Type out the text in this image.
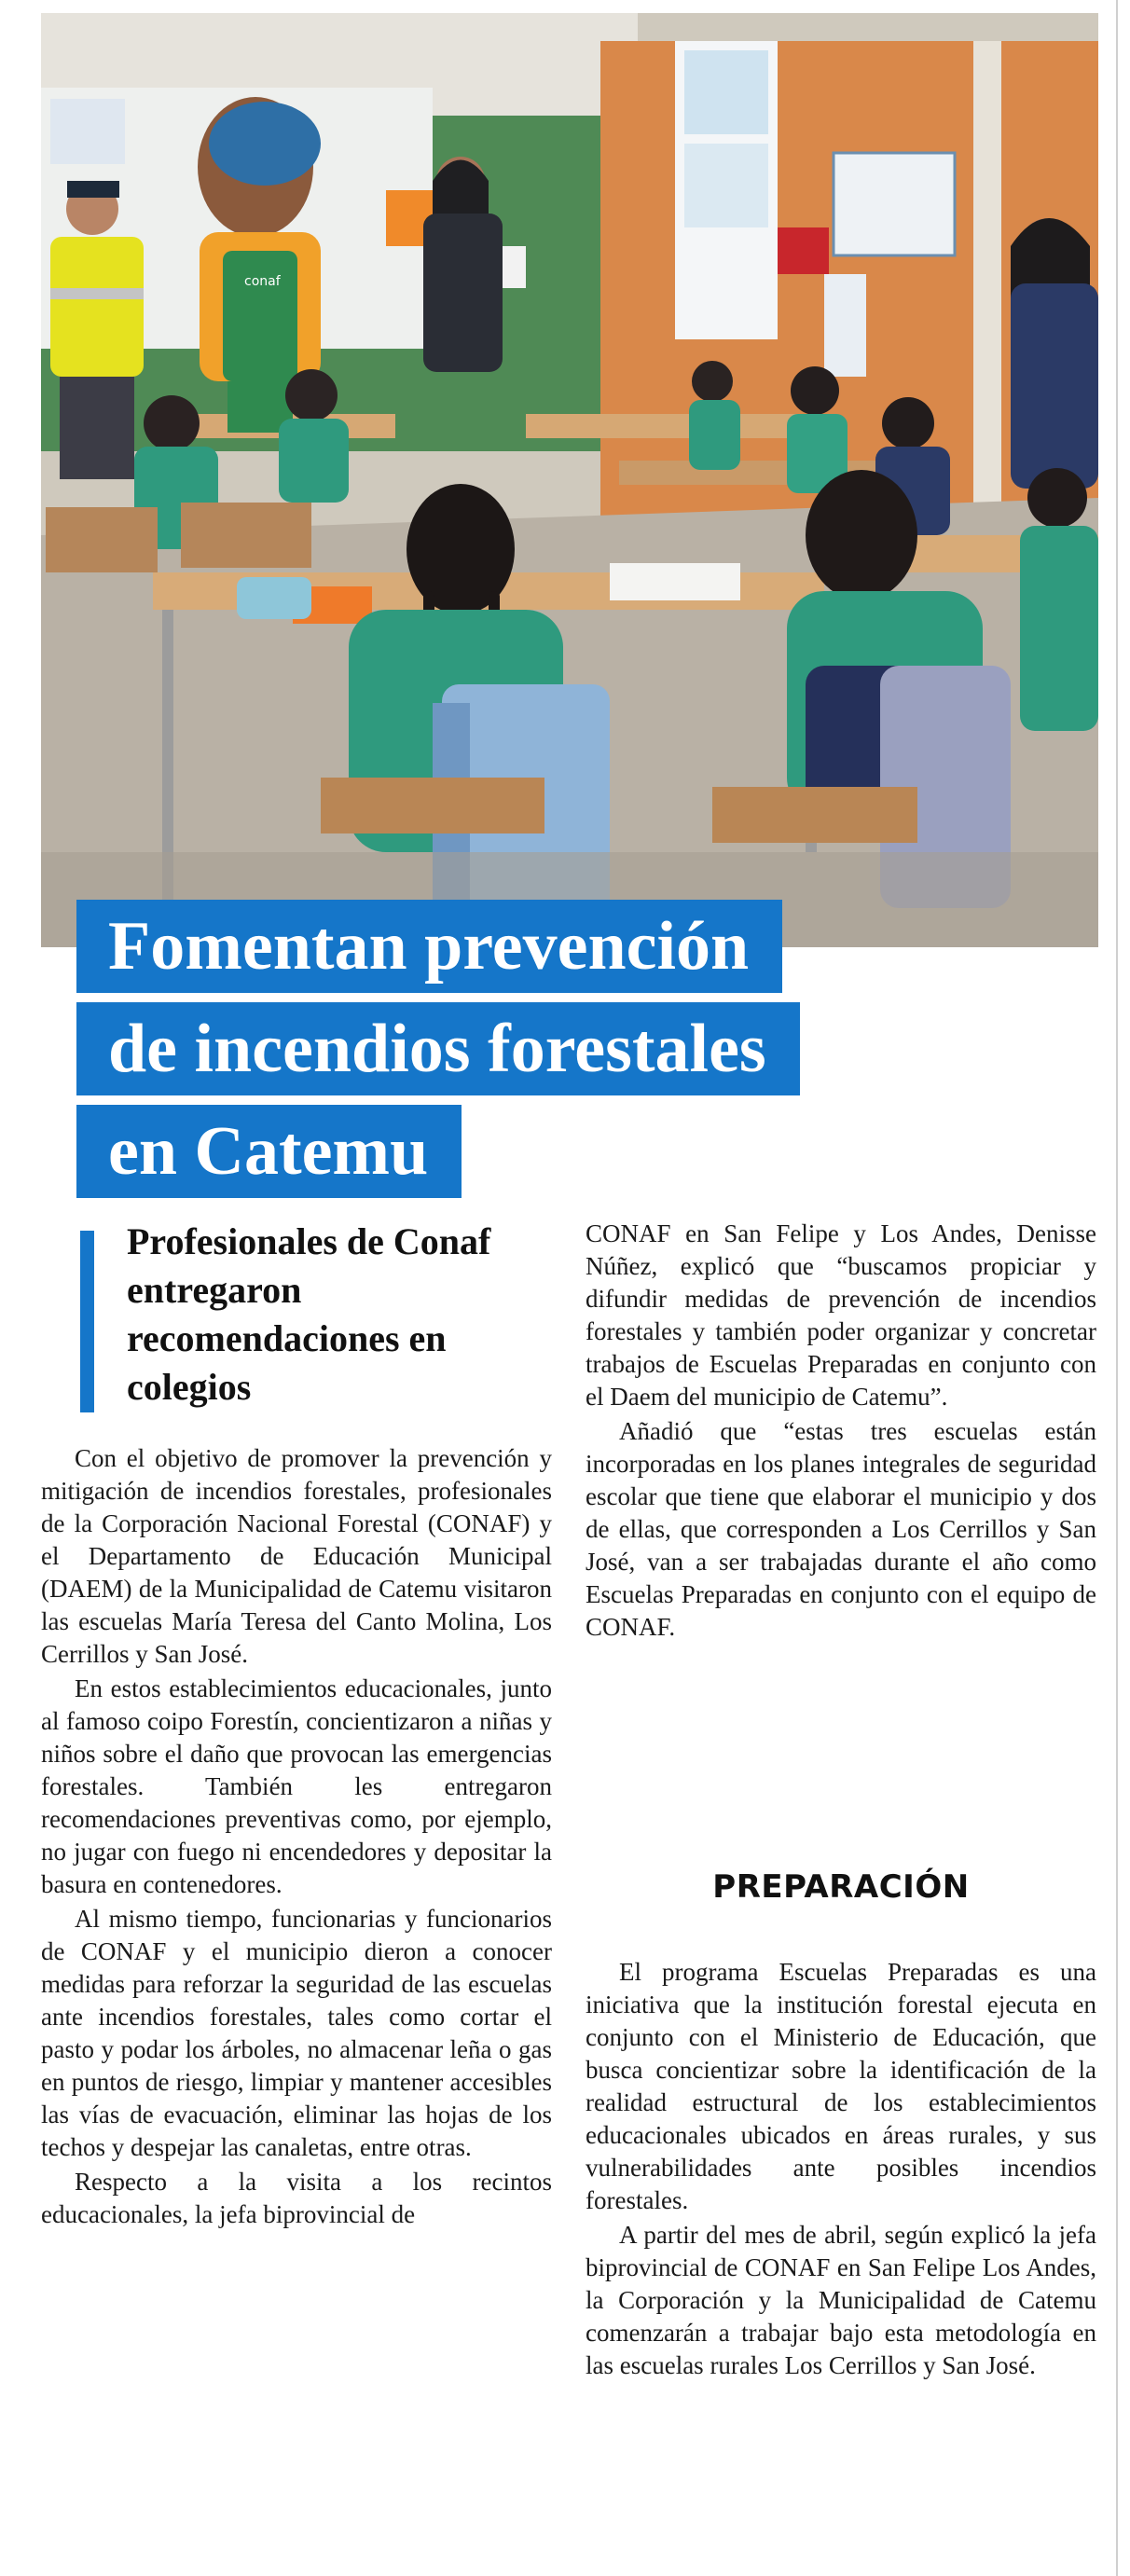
conaf
Fomentan prevención
de incendios forestales
en Catemu
Profesionales de Conaf entregaron recomendaciones en colegios

Con el objetivo de promover la prevención y mitigación de incendios forestales, profesionales de la Corporación Nacional Forestal (CONAF) y el Departamento de Educación Municipal (DAEM) de la Municipalidad de Catemu visitaron las escuelas María Teresa del Canto Molina, Los Cerrillos y San José.

En estos establecimientos educacionales, junto al famoso coipo Forestín, concientizaron a niñas y niños sobre el daño que provocan las emergencias forestales. También les entregaron recomendaciones preventivas como, por ejemplo, no jugar con fuego ni encendedores y depositar la basura en contenedores.

Al mismo tiempo, funcionarias y funcionarios de CONAF y el municipio dieron a conocer medidas para reforzar la seguridad de las escuelas ante incendios forestales, tales como cortar el pasto y podar los árboles, no almacenar leña o gas en puntos de riesgo, limpiar y mantener accesibles las vías de evacuación, eliminar las hojas de los techos y despejar las canaletas, entre otras.

Respecto a la visita a los recintos educacionales, la jefa biprovincial de

CONAF en San Felipe y Los Andes, Denisse Núñez, explicó que “buscamos propiciar y difundir medidas de prevención de incendios forestales y también poder organizar y concretar trabajos de Escuelas Preparadas en conjunto con el Daem del municipio de Catemu”.

Añadió que “estas tres escuelas están incorporadas en los planes integrales de seguridad escolar que tiene que elaborar el municipio y dos de ellas, que corresponden a Los Cerrillos y San José, van a ser trabajadas durante el año como Escuelas Preparadas en conjunto con el equipo de CONAF.

PREPARACIÓN

El programa Escuelas Preparadas es una iniciativa que la institución forestal ejecuta en conjunto con el Ministerio de Educación, que busca concientizar sobre la identificación de la realidad estructural de los establecimientos educacionales ubicados en áreas rurales, y sus vulnerabilidades ante posibles incendios forestales.

A partir del mes de abril, según explicó la jefa biprovincial de CONAF en San Felipe Los Andes, la Corporación y la Municipalidad de Catemu comenzarán a trabajar bajo esta metodología en las escuelas rurales Los Cerrillos y San José.
